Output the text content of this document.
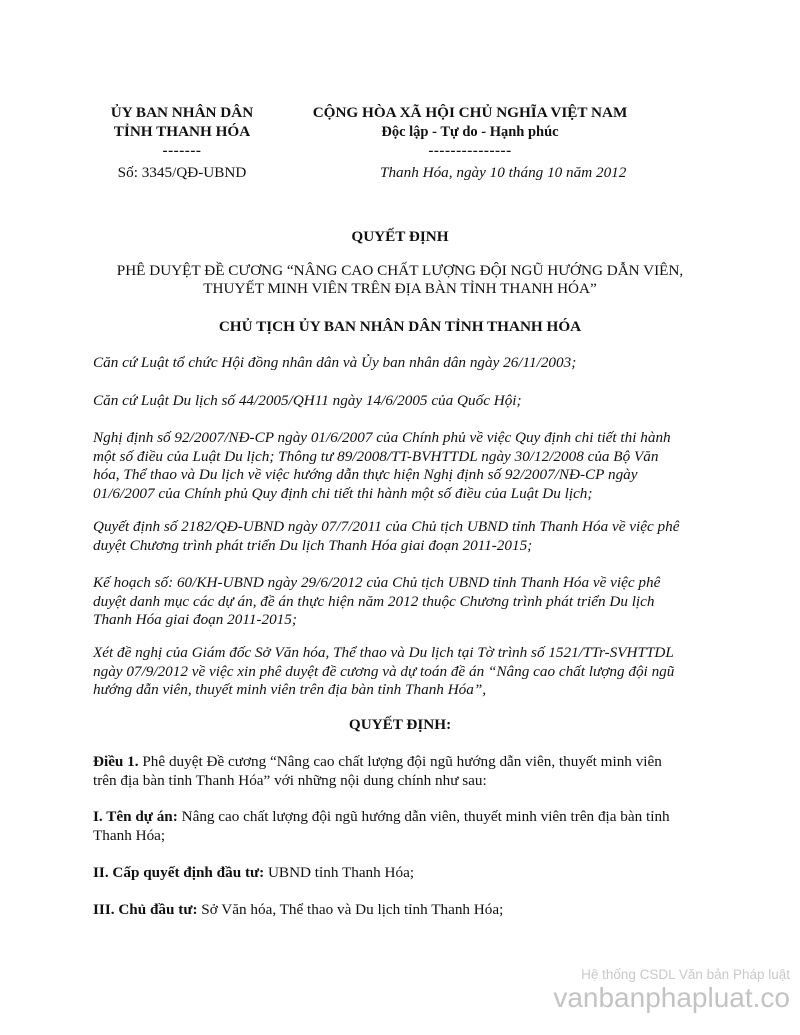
ỦY BAN NHÂN DÂN
TỈNH THANH HÓA
-------
CỘNG HÒA XÃ HỘI CHỦ NGHĨA VIỆT NAM
Độc lập - Tự do - Hạnh phúc
---------------
Số: 3345/QĐ-UBND	Thanh Hóa, ngày 10 tháng 10 năm 2012
QUYẾT ĐỊNH
PHÊ DUYỆT ĐỀ CƯƠNG “NÂNG CAO CHẤT LƯỢNG ĐỘI NGŨ HƯỚNG DẪN VIÊN,
THUYẾT MINH VIÊN TRÊN ĐỊA BÀN TỈNH THANH HÓA”
CHỦ TỊCH ỦY BAN NHÂN DÂN TỈNH THANH HÓA
Căn cứ Luật tổ chức Hội đồng nhân dân và Ủy ban nhân dân ngày 26/11/2003;
Căn cứ Luật Du lịch số 44/2005/QH11 ngày 14/6/2005 của Quốc Hội;
Nghị định số 92/2007/NĐ-CP ngày 01/6/2007 của Chính phủ về việc Quy định chi tiết thi hành
một số điều của Luật Du lịch; Thông tư 89/2008/TT-BVHTTDL ngày 30/12/2008 của Bộ Văn
hóa, Thể thao và Du lịch về việc hướng dẫn thực hiện Nghị định số 92/2007/NĐ-CP ngày
01/6/2007 của Chính phủ Quy định chi tiết thi hành một số điều của Luật Du lịch;
Quyết định số 2182/QĐ-UBND ngày 07/7/2011 của Chủ tịch UBND tỉnh Thanh Hóa về việc phê
duyệt Chương trình phát triển Du lịch Thanh Hóa giai đoạn 2011-2015;
Kế hoạch số: 60/KH-UBND ngày 29/6/2012 của Chủ tịch UBND tỉnh Thanh Hóa về việc phê
duyệt danh mục các dự án, đề án thực hiện năm 2012 thuộc Chương trình phát triển Du lịch
Thanh Hóa giai đoạn 2011-2015;
Xét đề nghị của Giám đốc Sở Văn hóa, Thể thao và Du lịch tại Tờ trình số 1521/TTr-SVHTTDL
ngày 07/9/2012 về việc xin phê duyệt đề cương và dự toán đề án “Nâng cao chất lượng đội ngũ
hướng dẫn viên, thuyết minh viên trên địa bàn tỉnh Thanh Hóa”,
QUYẾT ĐỊNH:
Điều 1. Phê duyệt Đề cương “Nâng cao chất lượng đội ngũ hướng dẫn viên, thuyết minh viên
trên địa bàn tỉnh Thanh Hóa” với những nội dung chính như sau:
I. Tên dự án: Nâng cao chất lượng đội ngũ hướng dẫn viên, thuyết minh viên trên địa bàn tỉnh
Thanh Hóa;
II. Cấp quyết định đầu tư: UBND tỉnh Thanh Hóa;
III. Chủ đầu tư: Sở Văn hóa, Thể thao và Du lịch tỉnh Thanh Hóa;
Hệ thống CSDL Văn bản Pháp luật
vanbanphapluat.co
